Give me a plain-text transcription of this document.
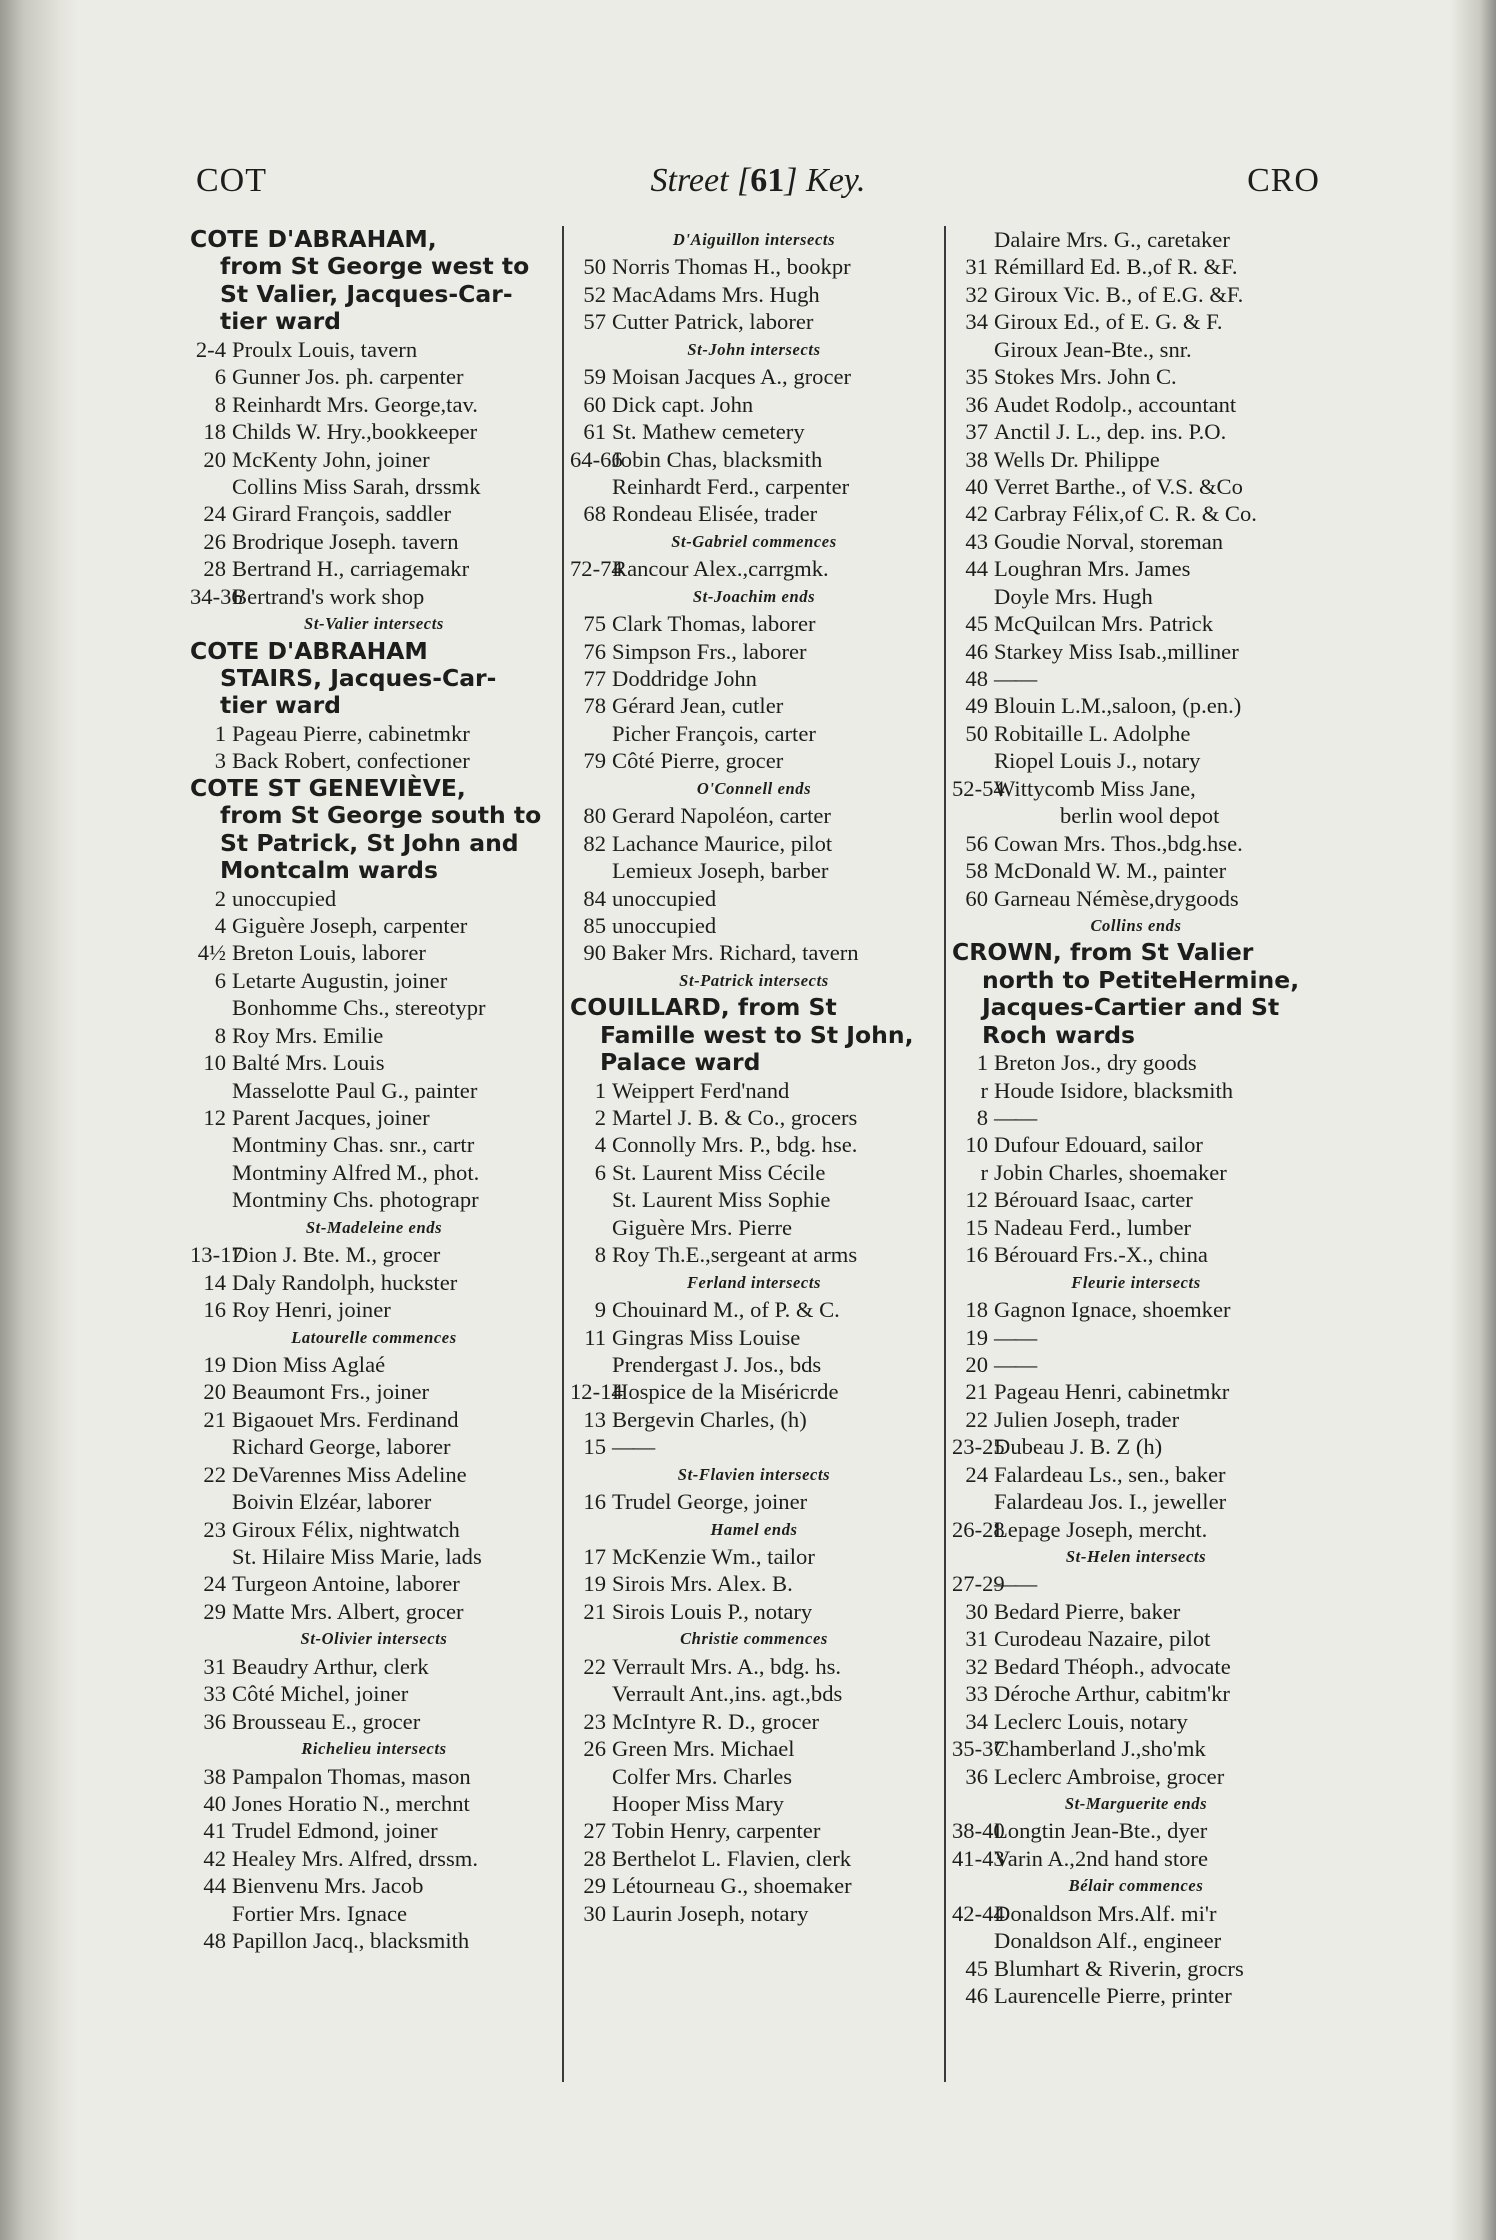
COT	Street [61] Key.	CRO
COTE D'ABRAHAM,
from St George west to
St Valier, Jacques-Car-
tier ward
2-4 Proulx Louis, tavern
6 Gunner Jos. ph. carpenter
8 Reinhardt Mrs. George,tav.
18 Childs W. Hry.,bookkeeper
20 McKenty John, joiner
Collins Miss Sarah, drssmk
24 Girard François, saddler
26 Brodrique Joseph. tavern
28 Bertrand H., carriagemakr
34-36
Bertrand's work shop
St-Valier intersects
COTE D'ABRAHAM
STAIRS, Jacques-Car-
tier ward
1 Pageau Pierre, cabinetmkr
3 Back Robert, confectioner
COTE ST GENEVIÈVE,
from St George south to
St Patrick, St John and
Montcalm wards
2 unoccupied
4 Giguère Joseph, carpenter
4½ Breton Louis, laborer
6 Letarte Augustin, joiner
Bonhomme Chs., stereotypr
8 Roy Mrs. Emilie
10 Balté Mrs. Louis
Masselotte Paul G., painter
12 Parent Jacques, joiner
Montminy Chas. snr., cartr
Montminy Alfred M., phot.
Montminy Chs. photograpr
St-Madeleine ends
13-17
Dion J. Bte. M., grocer
14 Daly Randolph, huckster
16 Roy Henri, joiner
Latourelle commences
19 Dion Miss Aglaé
20 Beaumont Frs., joiner
21 Bigaouet Mrs. Ferdinand
Richard George, laborer
22 DeVarennes Miss Adeline
Boivin Elzéar, laborer
23 Giroux Félix, nightwatch
St. Hilaire Miss Marie, lads
24 Turgeon Antoine, laborer
29 Matte Mrs. Albert, grocer
St-Olivier intersects
31 Beaudry Arthur, clerk
33 Côté Michel, joiner
36 Brousseau E., grocer
Richelieu intersects
38 Pampalon Thomas, mason
40 Jones Horatio N., merchnt
41 Trudel Edmond, joiner
42 Healey Mrs. Alfred, drssm.
44 Bienvenu Mrs. Jacob
Fortier Mrs. Ignace
48 Papillon Jacq., blacksmith
D'Aiguillon intersects
50 Norris Thomas H., bookpr
52 MacAdams Mrs. Hugh
57 Cutter Patrick, laborer
St-John intersects
59 Moisan Jacques A., grocer
60 Dick capt. John
61 St. Mathew cemetery
64-66
Jobin Chas, blacksmith
Reinhardt Ferd., carpenter
68 Rondeau Elisée, trader
St-Gabriel commences
72-74
Rancour Alex.,carrgmk.
St-Joachim ends
75 Clark Thomas, laborer
76 Simpson Frs., laborer
77 Doddridge John
78 Gérard Jean, cutler
Picher François, carter
79 Côté Pierre, grocer
O'Connell ends
80 Gerard Napoléon, carter
82 Lachance Maurice, pilot
Lemieux Joseph, barber
84 unoccupied
85 unoccupied
90 Baker Mrs. Richard, tavern
St-Patrick intersects
COUILLARD, from St
Famille west to St John,
Palace ward
1 Weippert Ferd'nand
2 Martel J. B. & Co., grocers
4 Connolly Mrs. P., bdg. hse.
6 St. Laurent Miss Cécile
St. Laurent Miss Sophie
Giguère Mrs. Pierre
8 Roy Th.E.,sergeant at arms
Ferland intersects
9 Chouinard M., of P. & C.
11 Gingras Miss Louise
Prendergast J. Jos., bds
12-14
Hospice de la Miséricrde
13 Bergevin Charles, (h)
15 ——
St-Flavien intersects
16 Trudel George, joiner
Hamel ends
17 McKenzie Wm., tailor
19 Sirois Mrs. Alex. B.
21 Sirois Louis P., notary
Christie commences
22 Verrault Mrs. A., bdg. hs.
Verrault Ant.,ins. agt.,bds
23 McIntyre R. D., grocer
26 Green Mrs. Michael
Colfer Mrs. Charles
Hooper Miss Mary
27 Tobin Henry, carpenter
28 Berthelot L. Flavien, clerk
29 Létourneau G., shoemaker
30 Laurin Joseph, notary
Dalaire Mrs. G., caretaker
31 Rémillard Ed. B.,of R. &F.
32 Giroux Vic. B., of E.G. &F.
34 Giroux Ed., of E. G. & F.
Giroux Jean-Bte., snr.
35 Stokes Mrs. John C.
36 Audet Rodolp., accountant
37 Anctil J. L., dep. ins. P.O.
38 Wells Dr. Philippe
40 Verret Barthe., of V.S. &Co
42 Carbray Félix,of C. R. & Co.
43 Goudie Norval, storeman
44 Loughran Mrs. James
Doyle Mrs. Hugh
45 McQuilcan Mrs. Patrick
46 Starkey Miss Isab.,milliner
48 ——
49 Blouin L.M.,saloon, (p.en.)
50 Robitaille L. Adolphe
Riopel Louis J., notary
52-54
Wittycomb Miss Jane,
berlin wool depot
56 Cowan Mrs. Thos.,bdg.hse.
58 McDonald W. M., painter
60 Garneau Némèse,drygoods
Collins ends
CROWN, from St Valier
north to PetiteHermine,
Jacques-Cartier and St
Roch wards
1 Breton Jos., dry goods
r Houde Isidore, blacksmith
8 ——
10 Dufour Edouard, sailor
r Jobin Charles, shoemaker
12 Bérouard Isaac, carter
15 Nadeau Ferd., lumber
16 Bérouard Frs.-X., china
Fleurie intersects
18 Gagnon Ignace, shoemker
19 ——
20 ——
21 Pageau Henri, cabinetmkr
22 Julien Joseph, trader
23-25
Dubeau J. B. Z (h)
24 Falardeau Ls., sen., baker
Falardeau Jos. I., jeweller
26-28
Lepage Joseph, mercht.
St-Helen intersects
27-29
——
30 Bedard Pierre, baker
31 Curodeau Nazaire, pilot
32 Bedard Théoph., advocate
33 Déroche Arthur, cabitm'kr
34 Leclerc Louis, notary
35-37
Chamberland J.,sho'mk
36 Leclerc Ambroise, grocer
St-Marguerite ends
38-40
Longtin Jean-Bte., dyer
41-43
Varin A.,2nd hand store
Bélair commences
42-44
Donaldson Mrs.Alf. mi'r
Donaldson Alf., engineer
45 Blumhart & Riverin, grocrs
46 Laurencelle Pierre, printer
